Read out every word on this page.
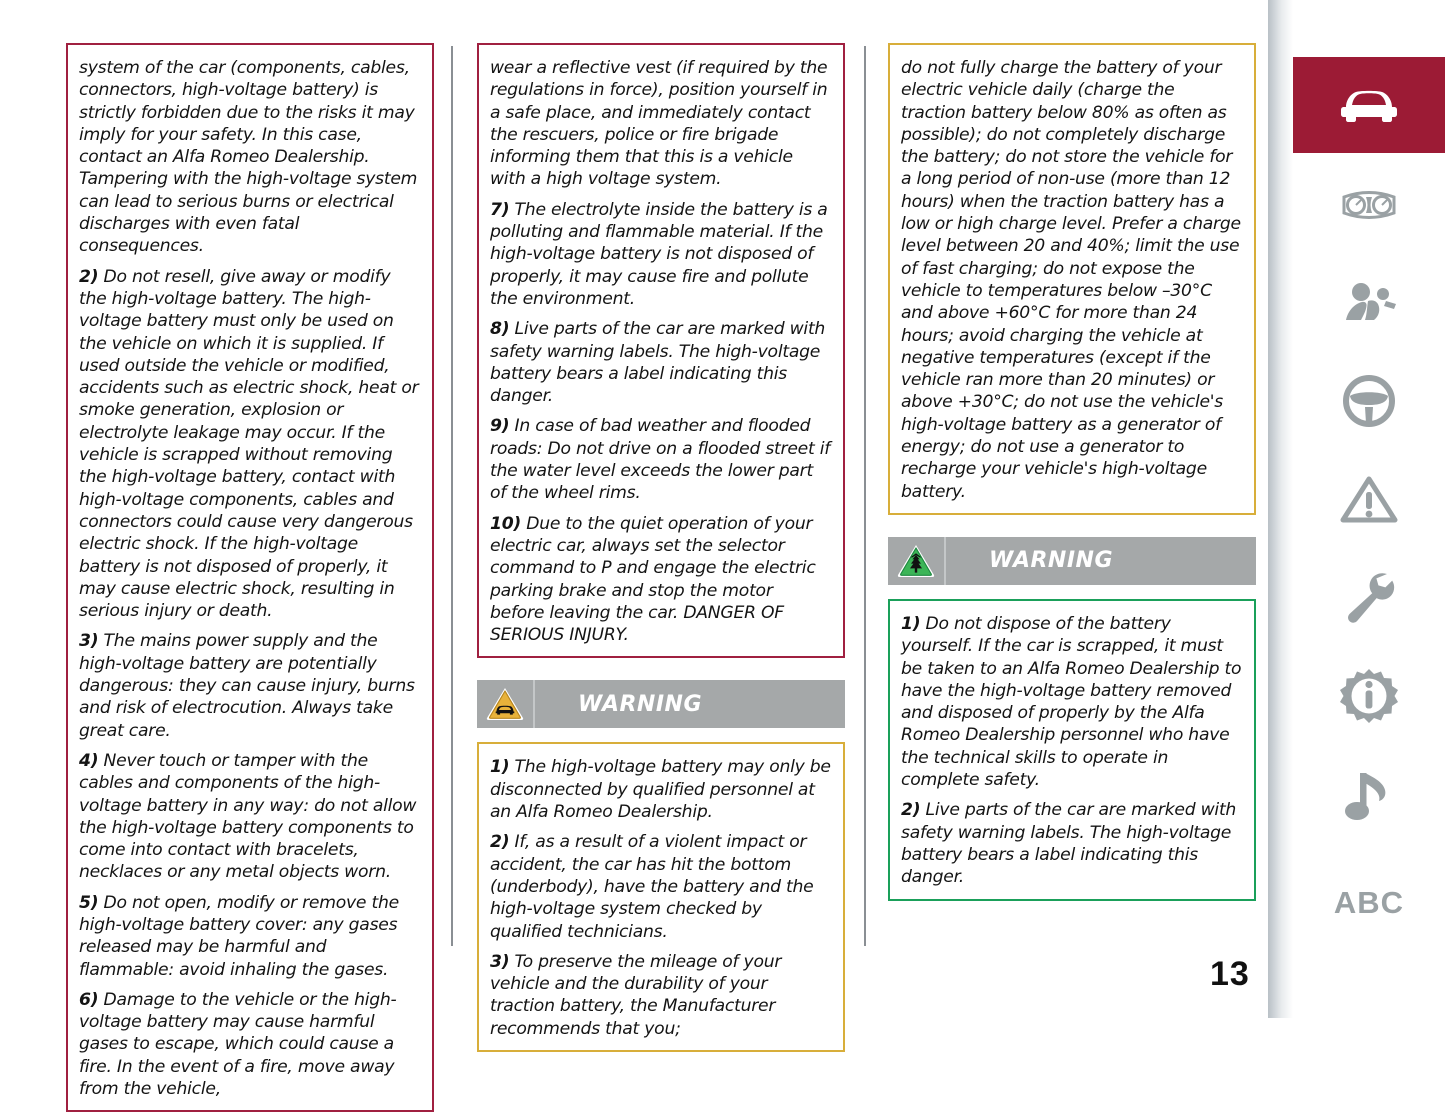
system of the car (components, cables, connectors, high-voltage battery) is strictly forbidden due to the risks it may imply for your safety. In this case, contact an Alfa Romeo Dealership. Tampering with the high-voltage system can lead to serious burns or electrical discharges with even fatal consequences.

2) Do not resell, give away or modify the high-voltage battery. The high-voltage battery must only be used on the vehicle on which it is supplied. If used outside the vehicle or modified, accidents such as electric shock, heat or smoke generation, explosion or electrolyte leakage may occur. If the vehicle is scrapped without removing the high-voltage battery, contact with high-voltage components, cables and connectors could cause very dangerous electric shock. If the high-voltage battery is not disposed of properly, it may cause electric shock, resulting in serious injury or death.

3) The mains power supply and the high-voltage battery are potentially dangerous: they can cause injury, burns and risk of electrocution. Always take great care.

4) Never touch or tamper with the cables and components of the high-voltage battery in any way: do not allow the high-voltage battery components to come into contact with bracelets, necklaces or any metal objects worn.

5) Do not open, modify or remove the high-voltage battery cover: any gases released may be harmful and flammable: avoid inhaling the gases.

6) Damage to the vehicle or the high-voltage battery may cause harmful gases to escape, which could cause a fire. In the event of a fire, move away from the vehicle,

wear a reflective vest (if required by the regulations in force), position yourself in a safe place, and immediately contact the rescuers, police or fire brigade informing them that this is a vehicle with a high voltage system.

7) The electrolyte inside the battery is a polluting and flammable material. If the high-voltage battery is not disposed of properly, it may cause fire and pollute the environment.

8) Live parts of the car are marked with safety warning labels. The high-voltage battery bears a label indicating this danger.

9) In case of bad weather and flooded roads: Do not drive on a flooded street if the water level exceeds the lower part of the wheel rims.

10) Due to the quiet operation of your electric car, always set the selector command to P and engage the electric parking brake and stop the motor before leaving the car. DANGER OF SERIOUS INJURY.

WARNING

1) The high-voltage battery may only be disconnected by qualified personnel at an Alfa Romeo Dealership.

2) If, as a result of a violent impact or accident, the car has hit the bottom (underbody), have the battery and the high-voltage system checked by qualified technicians.

3) To preserve the mileage of your vehicle and the durability of your traction battery, the Manufacturer recommends that you;

do not fully charge the battery of your electric vehicle daily (charge the traction battery below 80% as often as possible); do not completely discharge the battery; do not store the vehicle for a long period of non-use (more than 12 hours) when the traction battery has a low or high charge level. Prefer a charge level between 20 and 40%; limit the use of fast charging; do not expose the vehicle to temperatures below –30°C and above +60°C for more than 24 hours; avoid charging the vehicle at negative temperatures (except if the vehicle ran more than 20 minutes) or above +30°C; do not use the vehicle's high-voltage battery as a generator of energy; do not use a generator to recharge your vehicle's high-voltage battery.

WARNING

1) Do not dispose of the battery yourself. If the car is scrapped, it must be taken to an Alfa Romeo Dealership to have the high-voltage battery removed and disposed of properly by the Alfa Romeo Dealership personnel who have the technical skills to operate in complete safety.

2) Live parts of the car are marked with safety warning labels. The high-voltage battery bears a label indicating this danger.

13
ABC
